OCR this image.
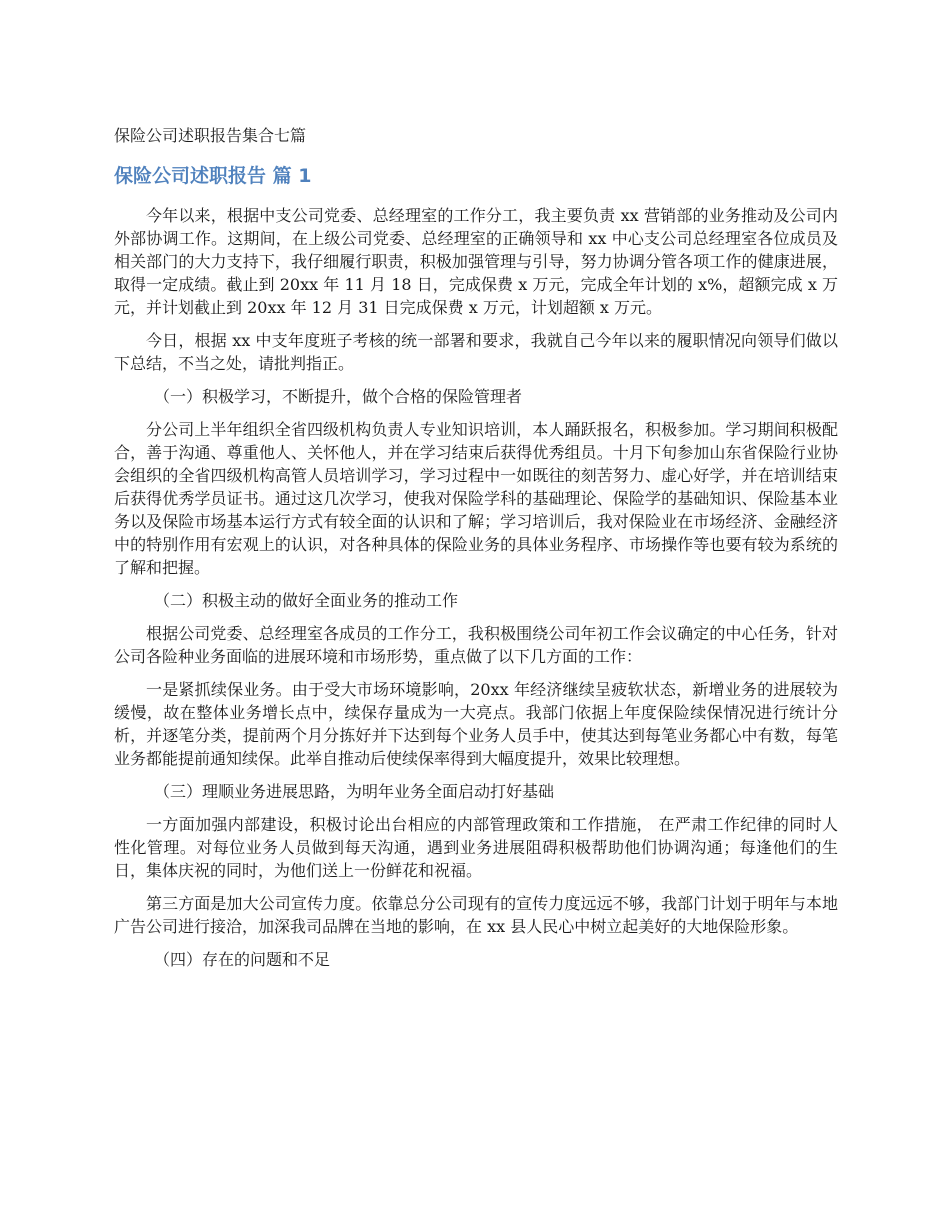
保险公司述职报告集合七篇

保险公司述职报告 篇 1

今年以来，根据中支公司党委、总经理室的工作分工，我主要负责 xx 营销部的业务推动及公司内外部协调工作。这期间，在上级公司党委、总经理室的正确领导和 xx 中心支公司总经理室各位成员及相关部门的大力支持下，我仔细履行职责，积极加强管理与引导，努力协调分管各项工作的健康进展，取得一定成绩。截止到 20xx 年 11 月 18 日，完成保费 x 万元，完成全年计划的 x%，超额完成 x 万元，并计划截止到 20xx 年 12 月 31 日完成保费 x 万元，计划超额 x 万元。

今日，根据 xx 中支年度班子考核的统一部署和要求，我就自己今年以来的履职情况向领导们做以下总结，不当之处，请批判指正。

（一）积极学习，不断提升，做个合格的保险管理者

分公司上半年组织全省四级机构负责人专业知识培训，本人踊跃报名，积极参加。学习期间积极配合，善于沟通、尊重他人、关怀他人，并在学习结束后获得优秀组员。十月下旬参加山东省保险行业协会组织的全省四级机构高管人员培训学习，学习过程中一如既往的刻苦努力、虚心好学，并在培训结束后获得优秀学员证书。通过这几次学习，使我对保险学科的基础理论、保险学的基础知识、保险基本业务以及保险市场基本运行方式有较全面的认识和了解；学习培训后，我对保险业在市场经济、金融经济中的特别作用有宏观上的认识，对各种具体的保险业务的具体业务程序、市场操作等也要有较为系统的了解和把握。

（二）积极主动的做好全面业务的推动工作

根据公司党委、总经理室各成员的工作分工，我积极围绕公司年初工作会议确定的中心任务，针对公司各险种业务面临的进展环境和市场形势，重点做了以下几方面的工作：

一是紧抓续保业务。由于受大市场环境影响，20xx 年经济继续呈疲软状态，新增业务的进展较为缓慢，故在整体业务增长点中，续保存量成为一大亮点。我部门依据上年度保险续保情况进行统计分析，并逐笔分类，提前两个月分拣好并下达到每个业务人员手中，使其达到每笔业务都心中有数，每笔业务都能提前通知续保。此举自推动后使续保率得到大幅度提升，效果比较理想。

（三）理顺业务进展思路，为明年业务全面启动打好基础

一方面加强内部建设，积极讨论出台相应的内部管理政策和工作措施， 在严肃工作纪律的同时人性化管理。对每位业务人员做到每天沟通，遇到业务进展阻碍积极帮助他们协调沟通；每逢他们的生日，集体庆祝的同时，为他们送上一份鲜花和祝福。

第三方面是加大公司宣传力度。依靠总分公司现有的宣传力度远远不够，我部门计划于明年与本地广告公司进行接洽，加深我司品牌在当地的影响，在 xx 县人民心中树立起美好的大地保险形象。

（四）存在的问题和不足
